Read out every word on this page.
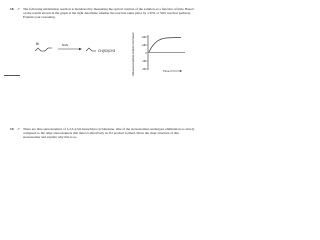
18. ↗ The following substitution reaction is monitored by measuring the optical rotation of the solution as a function of time. Based on the results shown in the graph at the right determine whether the reaction takes place by a SN1 or SN2 reaction pathway. Explain your reasoning.
Br	NaN
CH(N3)CH3	Measured optical rotation of product	+360
+180
0
−180
−360	Time
19. ↗ There are nine stereoisomers of 1,2,3,4,5,6-hexachlorocyclohexane. One of the stereoisomers undergoes elimination so slowly compared to the other stereoisomers that there is effectively no E2 product formed. Draw the chair structure of this stereoisomer and explain why this is so.
